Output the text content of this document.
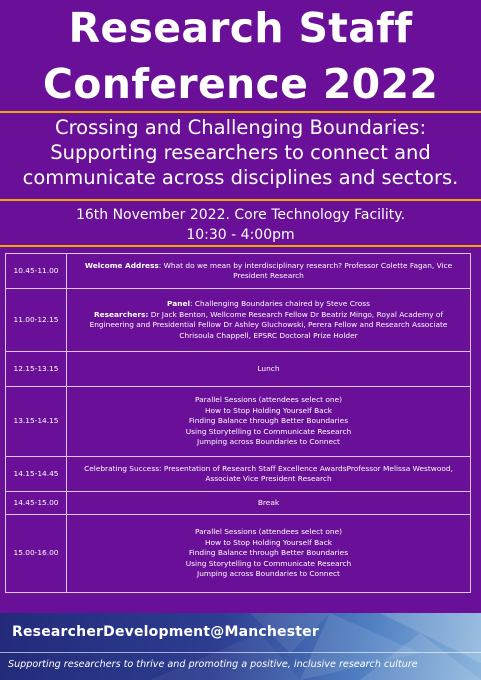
Research Staff
Conference 2022
Crossing and Challenging Boundaries: Supporting researchers to connect and communicate across disciplines and sectors.
16th November 2022. Core Technology Facility.
10:30 - 4:00pm
10.45-11.00	Welcome Address: What do we mean by interdisciplinary research? Professor Colette Fagan, Vice President Research
11.00-12.15	Panel: Challenging Boundaries chaired by Steve Cross
Researchers: Dr Jack Benton, Wellcome Research Fellow Dr Beatriz Mingo, Royal Academy of Engineering and Presidential Fellow Dr Ashley Gluchowski, Perera Fellow and Research Associate Chrisoula Chappell, EPSRC Doctoral Prize Holder

12.15-13.15	Lunch
13.15-14.15	Parallel Sessions (attendees select one)
How to Stop Holding Yourself Back
Finding Balance through Better Boundaries
Using Storytelling to Communicate Research
Jumping across Boundaries to Connect

14.15-14.45	Celebrating Success: Presentation of Research Staff Excellence AwardsProfessor Melissa Westwood, Associate Vice President Research
14.45-15.00	Break
15.00-16.00	Parallel Sessions (attendees select one)
How to Stop Holding Yourself Back
Finding Balance through Better Boundaries
Using Storytelling to Communicate Research
Jumping across Boundaries to Connect
ResearcherDevelopment@Manchester
Supporting researchers to thrive and promoting a positive, inclusive research culture
